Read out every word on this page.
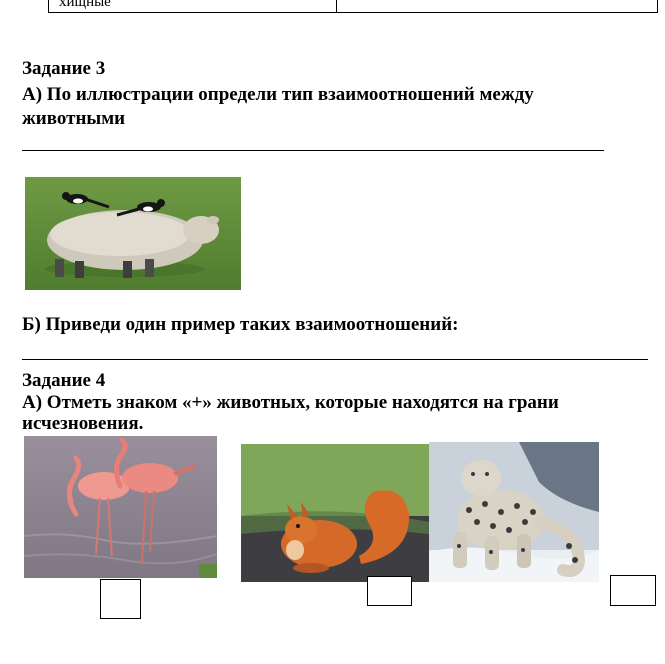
хищные
Задание 3
А) По иллюстрации определи тип взаимоотношений между
животными
Б) Приведи один пример таких взаимоотношений:
Задание 4
А) Отметь знаком «+» животных, которые находятся на грани
исчезновения.
